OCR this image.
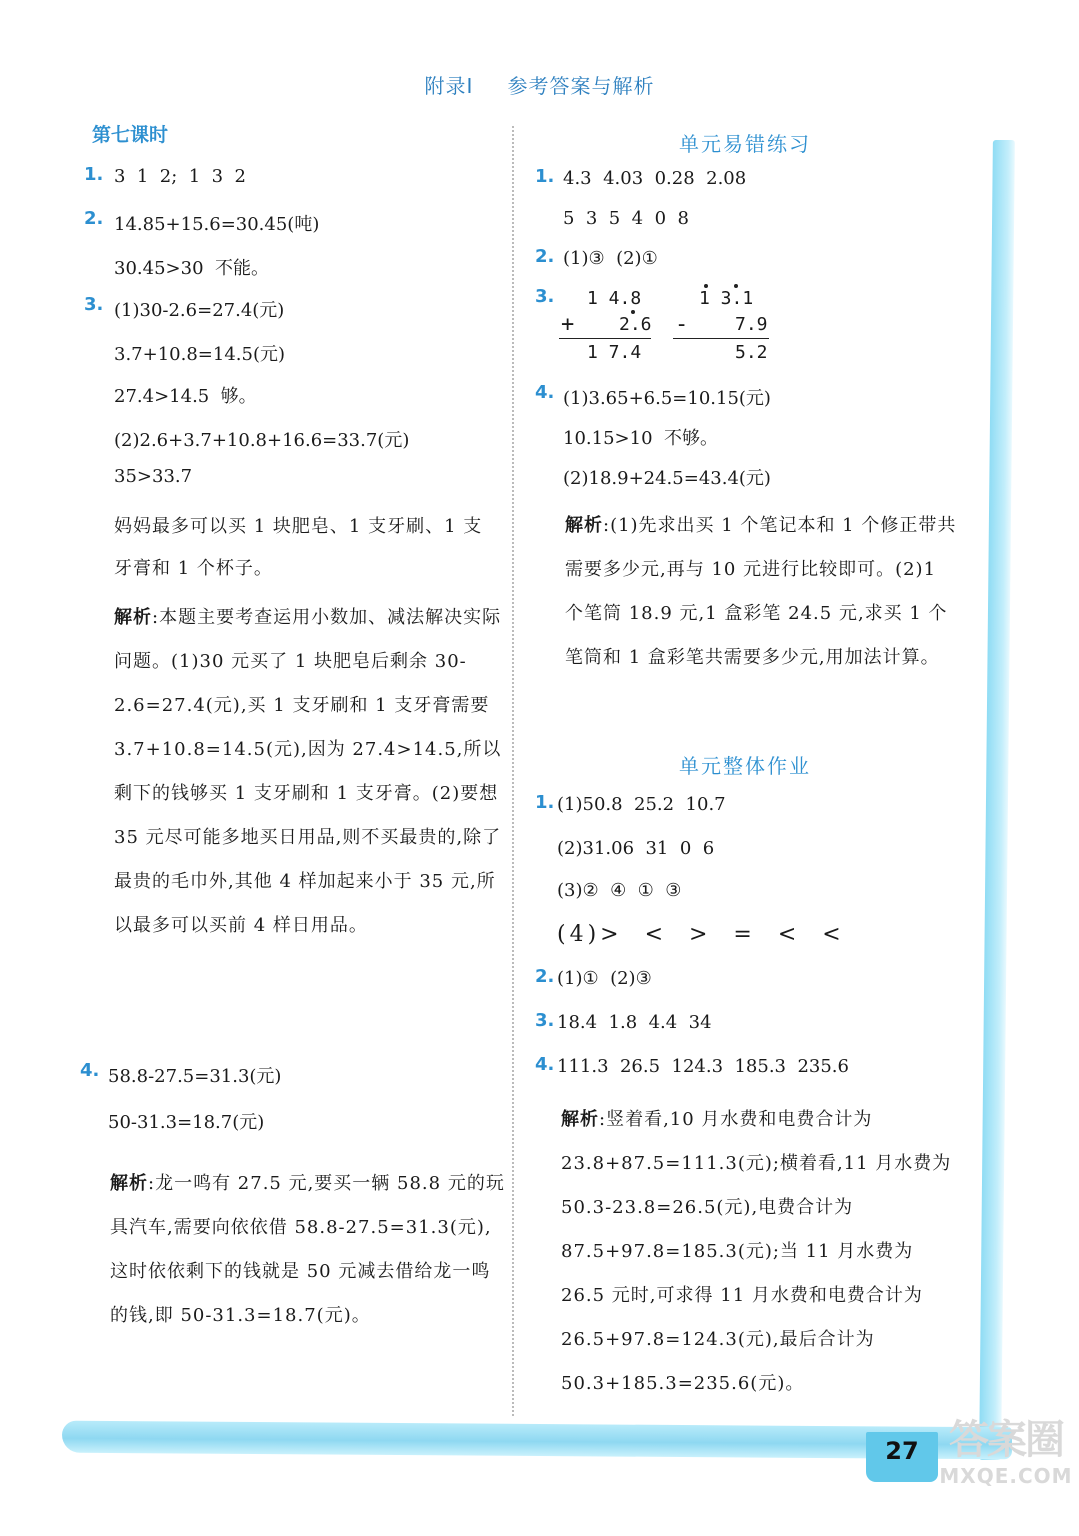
27 答案圈
MXQE.COM
附录Ⅰ 参考答案与解析
第七课时
1. 3  1  2;  1  3  2
2. 14.85+15.6=30.45(吨)
30.45>30  不能。
3. (1)30-2.6=27.4(元)
3.7+10.8=14.5(元)
27.4>14.5  够。
(2)2.6+3.7+10.8+16.6=33.7(元)
35>33.7
妈妈最多可以买 1 块肥皂、1 支牙刷、1 支
牙膏和 1 个杯子。
解析:本题主要考查运用小数加、减法解决实际问题。(1)30 元买了 1 块肥皂后剩余 30-2.6=27.4(元),买 1 支牙刷和 1 支牙膏需要 3.7+10.8=14.5(元),因为 27.4>14.5,所以剩下的钱够买 1 支牙刷和 1 支牙膏。(2)要想 35 元尽可能多地买日用品,则不买最贵的,除了最贵的毛巾外,其他 4 样加起来小于 35 元,所以最多可以买前 4 样日用品。
4. 58.8-27.5=31.3(元)
50-31.3=18.7(元)
解析:龙一鸣有 27.5 元,要买一辆 58.8 元的玩具汽车,需要向依依借 58.8-27.5=31.3(元),这时依依剩下的钱就是 50 元减去借给龙一鸣的钱,即 50-31.3=18.7(元)。
单元易错练习
1. 4.3  4.03  0.28  2.08
5  3  5  4  0  8
2. (1)③  (2)①
3. 1 4.8
+ 2.6
1 7.4
1 3.1
-	7.9
5.2
4. (1)3.65+6.5=10.15(元)
10.15>10  不够。
(2)18.9+24.5=43.4(元)
解析:(1)先求出买 1 个笔记本和 1 个修正带共需要多少元,再与 10 元进行比较即可。(2)1 个笔筒 18.9 元,1 盒彩笔 24.5 元,求买 1 个笔筒和 1 盒彩笔共需要多少元,用加法计算。
单元整体作业
1. (1)50.8  25.2  10.7
(2)31.06  31  0  6
(3)②  ④  ①  ③
(4)>  <  >  =  <  <
2. (1)①  (2)③
3. 18.4  1.8  4.4  34
4. 111.3  26.5  124.3  185.3  235.6
解析:竖着看,10 月水费和电费合计为 23.8+87.5=111.3(元);横着看,11 月水费为 50.3-23.8=26.5(元),电费合计为 87.5+97.8=185.3(元);当 11 月水费为 26.5 元时,可求得 11 月水费和电费合计为 26.5+97.8=124.3(元),最后合计为 50.3+185.3=235.6(元)。
